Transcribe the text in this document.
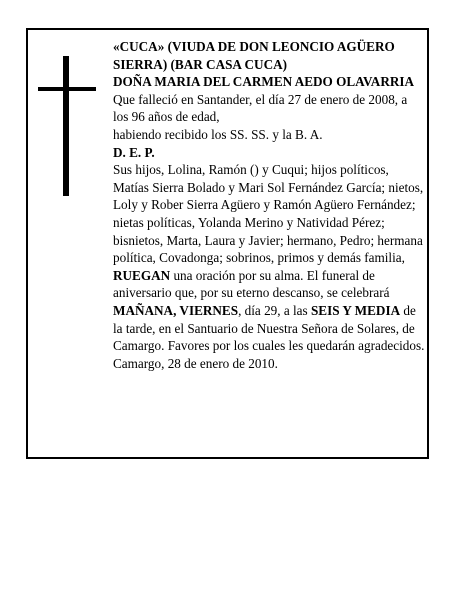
«CUCA» (VIUDA DE DON LEONCIO AGÜERO SIERRA) (BAR CASA CUCA)

DOÑA MARIA DEL CARMEN AEDO OLAVARRIA

Que falleció en Santander, el día 27 de enero de 2008, a los 96 años de edad,

habiendo recibido los SS. SS. y la B. A.

D. E. P.

Sus hijos, Lolina, Ramón () y Cuqui; hijos políticos, Matías Sierra Bolado y Mari Sol Fernández García; nietos, Loly y Rober Sierra Agüero y Ramón Agüero Fernández; nietas políticas, Yolanda Merino y Natividad Pérez; bisnietos, Marta, Laura y Javier; hermano, Pedro; hermana política, Covadonga; sobrinos, primos y demás familia,

RUEGAN una oración por su alma. El funeral de aniversario que, por su eterno descanso, se celebrará MAÑANA, VIERNES, día 29, a las SEIS Y MEDIA de la tarde, en el Santuario de Nuestra Señora de Solares, de Camargo. Favores por los cuales les quedarán agradecidos.

Camargo, 28 de enero de 2010.
